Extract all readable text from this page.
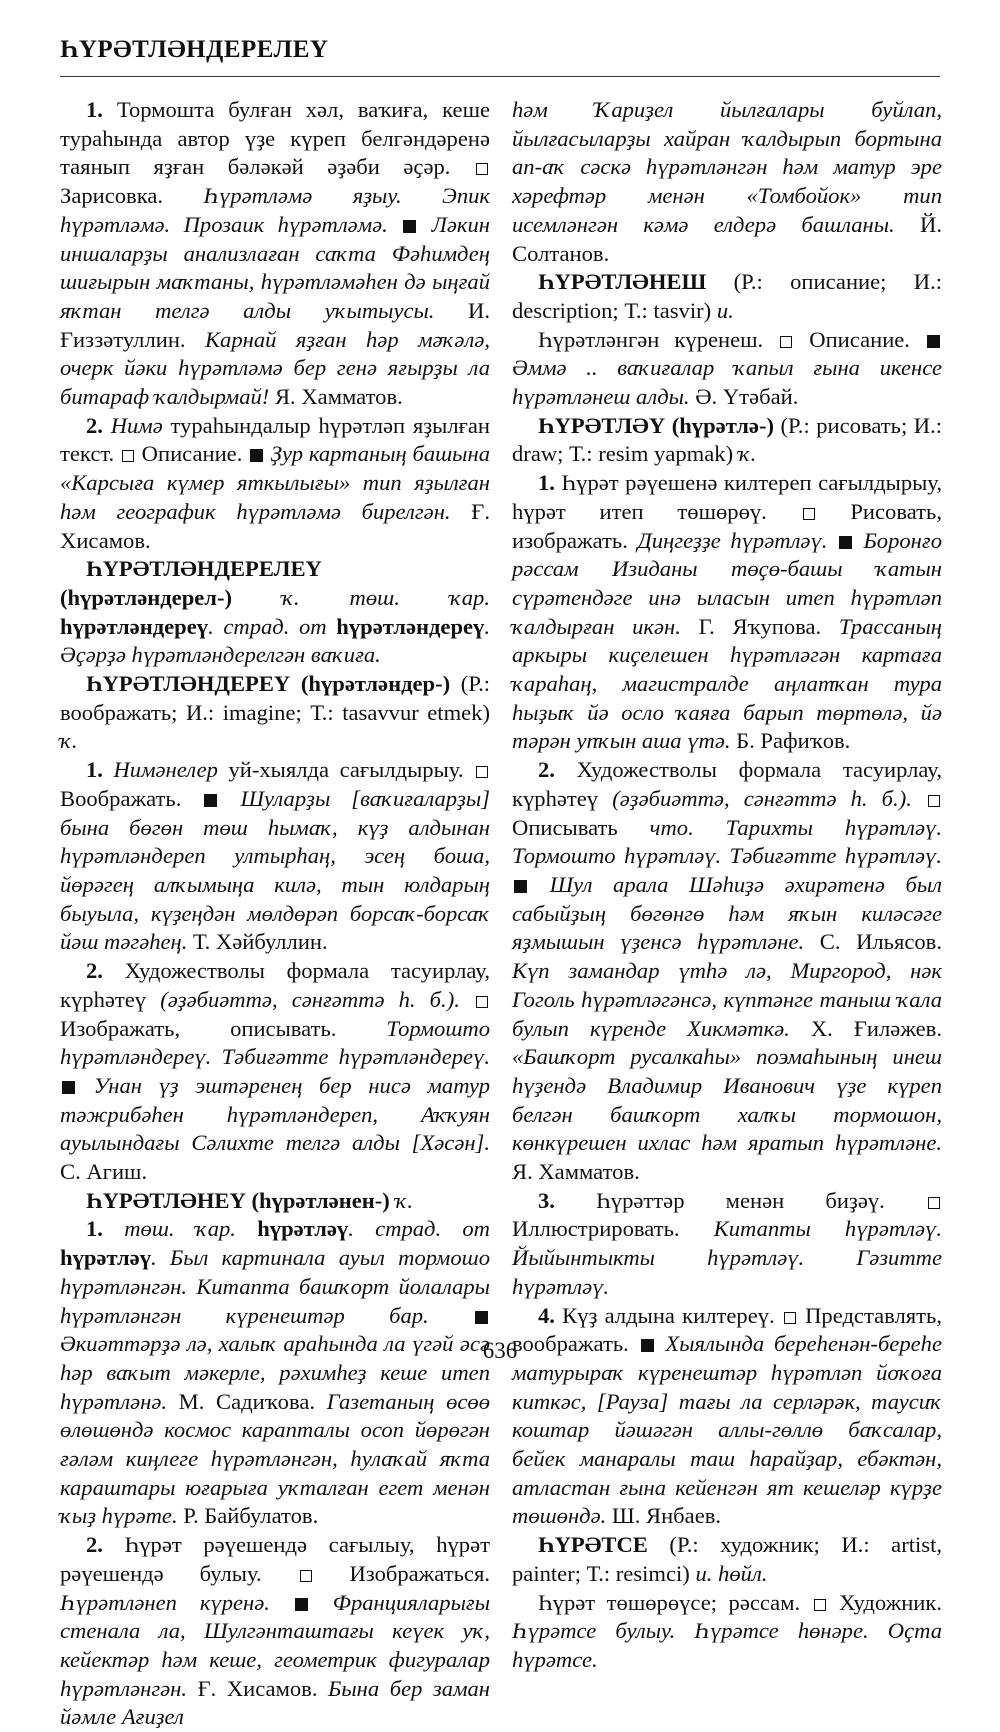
ҺҮРӘТЛӘНДЕРЕЛЕҮ

1. Тормошта булған хәл, ваҡиға, кеше тураһында автор үҙе күреп белгәндәренә таянып яҙған бәләкәй әҙәби әҫәр.  Зарисовка. Һүрәтләмә яҙыу. Эпик һүрәтләмә. Прозаик һүрәтләмә.  Ләкин иншаларҙы анализлаған саҡта Фәһимдең шиғырын маҡтаны, һүрәтләмәһен дә ыңғай яҡтан телгә алды уҡытыусы. И. Ғиззәтуллин. Карнай яҙған һәр мәҡәлә, очерк йәки һүрәтләмә бер генә яғырҙы ла битараф ҡалдырмай! Я. Хамматов.

2. Нимә тураһындалыр һүрәтләп яҙылған текст.  Описание.  Ҙур картаның башына «Карсыға күмер яткылығы» тип яҙылған һәм географик һүрәтләмә бирелгән. Ғ. Хисамов.

ҺҮРӘТЛӘНДЕРЕЛЕҮ (һүрәтләндерел-) ҡ. төш. ҡар. һүрәтләндереү. страд. от һүрәтләндереү. Әҫәрҙә һүрәтләндерелгән ваҡиға.

ҺҮРӘТЛӘНДЕРЕҮ (һүрәтләндер-) (Р.: воображать; И.: imagine; Т.: tasavvur etmek) ҡ.

1. Нимәнелер уй-хыялда сағылдырыу.  Воображать.  Шуларҙы [ваҡиғаларҙы] бына бөгөн төш һымаҡ, күҙ алдынан һүрәтләндереп ултырһаң, эсең боша, йөрәгең алҡымыңа килә, тын юлдарың быуыла, күҙеңдән мөлдөрәп борсаҡ-борсаҡ йәш тәгәһең. Т. Хәйбуллин.

2. Художестволы формала тасуирлау, күрһәтеү (әҙәбиәттә, сәнғәттә һ. б.).  Изображать, описывать. Тормошто һүрәтләндереү. Тәбиғәтте һүрәтләндереү.  Унан үҙ эштәренең бер нисә матур тәжрибәһен һүрәтләндереп, Аҡҡуян ауылындағы Сәлихте телгә алды [Хәсән]. С. Агиш.

ҺҮРӘТЛӘНЕҮ (һүрәтләнен-) ҡ.

1. төш. ҡар. һүрәтләү. страд. от һүрәтләү. Был картинала ауыл тормошо һүрәтләнгән. Китапта башҡорт йолалары һүрәтләнгән күренештәр бар.  Әкиәттәрҙә лә, халыҡ араһында ла үгәй әсә һәр ваҡыт мәкерле, рәхимһеҙ кеше итеп һүрәтләнә. М. Садиҡова. Газетаның өсөө өлөшөндә космос карапталы осоп йөрөгән ғәләм киңлеге һүрәтләнгән, һулаҡай яҡта караштары юғарыға уҡталған егет менән ҡыҙ һүрәте. Р. Байбулатов.

2. Һүрәт рәүешендә сағылыу, һүрәт рәүешендә булыу.  Изображаться. Һүрәтләнеп күренә.  Францияларығы стенала ла, Шулгәнташтағы кеүек уҡ, кейектәр һәм кеше, геометрик фигуралар һүрәтләнгән. Ғ. Хисамов. Бына бер заман йәмле Ағиҙел

һәм Ҡариҙел йылғалары буйлап, йылғасыларҙы хайран ҡалдырып бортына ап-аҡ сәскә һүрәтләнгән һәм матур эре хәрефтәр менән «Томбойок» тип исемләнгән кәмә елдерә башланы. Й. Солтанов.

ҺҮРӘТЛӘНЕШ (Р.: описание; И.: description; Т.: tasvir) и.

Һүрәтләнгән күренеш.  Описание.  Әммә .. ваҡиғалар ҡапыл ғына икенсе һүрәтләнеш алды. Ә. Үтәбай.

ҺҮРӘТЛӘҮ (һүрәтлә-) (Р.: рисовать; И.: draw; Т.: resim yapmak) ҡ.

1. Һүрәт рәүешенә килтереп сағылдырыу, һүрәт итеп төшөрөү.  Рисовать, изображать. Диңгеҙҙе һүрәтләү.  Боронғо рәссам Изиданы төҫө-башы ҡатын сүрәтендәге инә ыласын итеп һүрәтләп ҡалдырған икән. Г. Яҡупова. Трассаның аркыры киҫелешен һүрәтләгән картаға ҡараһаң, магистралде аңлатҡан тура һыҙыҡ йә осло ҡаяға барып төртөлә, йә тәрән упҡын аша үтә. Б. Рафиҡов.

2. Художестволы формала тасуирлау, күрһәтеү (әҙәбиәттә, сәнғәттә һ. б.).  Описывать что. Тарихты һүрәтләү. Тормошто һүрәтләү. Тәбиғәтте һүрәтләү.  Шул арала Шәһиҙә әхирәтенә был сабыйҙың бөгөнгө һәм яҡын киләсәге яҙмышын үҙенсә һүрәтләне. С. Ильясов. Күп замандар үтһә лә, Миргород, нәк Гоголь һүрәтләгәнсә, күптәнге таныш ҡала булып күренде Хикмәткә. Х. Ғиләжев. «Башҡорт русалкаһы» поэмаһының инеш һүҙендә Владимир Иванович үҙе күреп белгән башҡорт халҡы тормошон, көнкүрешен ихлас һәм яратып һүрәтләне. Я. Хамматов.

3. Һүрәттәр менән биҙәү.  Иллюстрировать. Китапты һүрәтләү. Йыйынтыкты һүрәтләү. Гәзитте һүрәтләү.

4. Күҙ алдына килтереү.  Представлять, воображать.  Хыялында береһенән-береһе матурыраҡ күренештәр һүрәтләп йоҡоға киткәс, [Рауза] тағы ла серләрәк, таусиҡ коштар йәшәгән аллы-гөллө баҡсалар, бейек манаралы таш һарайҙар, ебәктән, атластан ғына кейенгән ят кешеләр күрҙе төшөндә. Ш. Янбаев.

ҺҮРӘТСЕ (Р.: художник; И.: artist, painter; Т.: resimci) и. һөйл.

Һүрәт төшөрөүсе; рәссам.  Художник. Һүрәтсе булыу. Һүрәтсе һөнәре. Оҫта һүрәтсе.

636
